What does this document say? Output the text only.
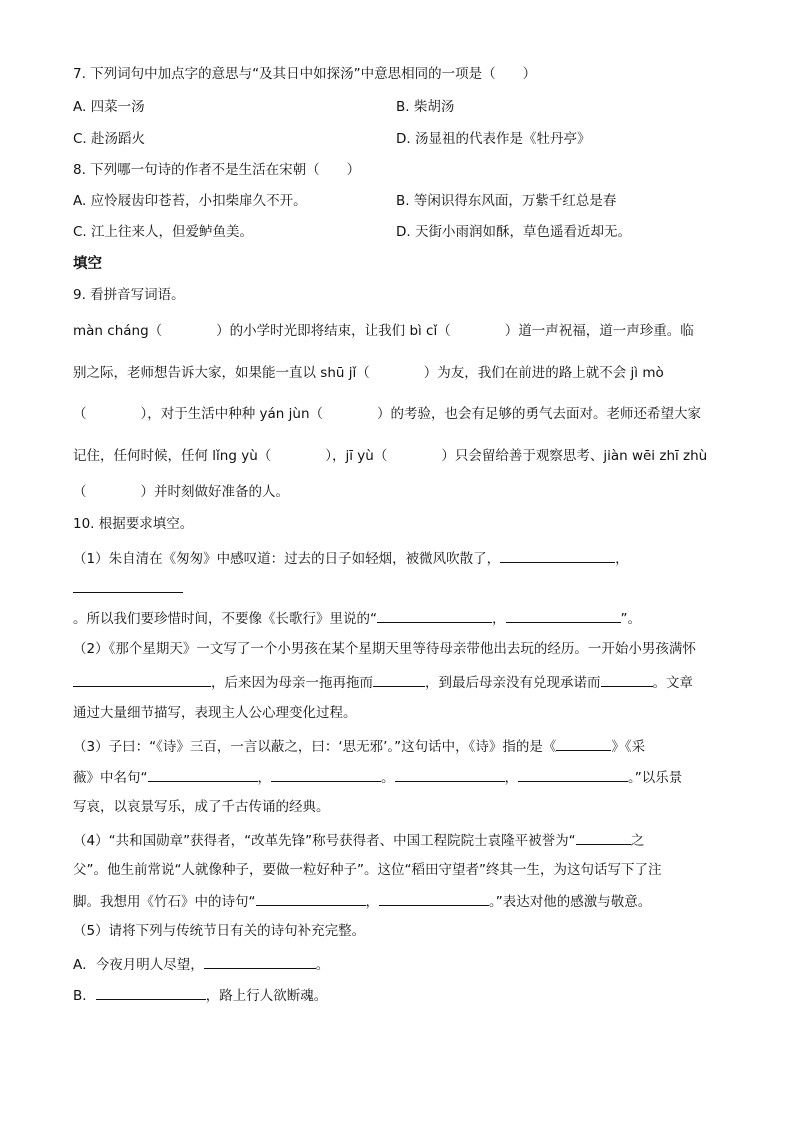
7. 下列词句中加点字的意思与“及其日中如探汤”中意思相同的一项是（　　）
A. 四菜一汤	B. 柴胡汤
C. 赴汤蹈火	D. 汤显祖的代表作是《牡丹亭》
8. 下列哪一句诗的作者不是生活在宋朝（　　）
A. 应怜屐齿印苍苔，小扣柴扉久不开。	B. 等闲识得东风面，万紫千红总是春
C. 江上往来人，但爱鲈鱼美。	D. 天街小雨润如酥，草色遥看近却无。
填空
9. 看拼音写词语。
màn cháng（　　　　）的小学时光即将结束，让我们 bì cǐ（　　　　）道一声祝福，道一声珍重。临
别之际，老师想告诉大家，如果能一直以 shū jǐ（　　　　）为友，我们在前进的路上就不会 jì mò
（　　　　），对于生活中种种 yán jùn（　　　　）的考验，也会有足够的勇气去面对。老师还希望大家
记住，任何时候，任何 lǐng yù（　　　　），jī yù（　　　　）只会留给善于观察思考、jiàn wēi zhī zhù
（　　　　）并时刻做好准备的人。
10. 根据要求填空。
（1）朱自清在《匆匆》中感叹道：过去的日子如轻烟，被微风吹散了，	，
。所以我们要珍惜时间，不要像《长歌行》里说的“	，	”。
（2）《那个星期天》一文写了一个小男孩在某个星期天里等待母亲带他出去玩的经历。一开始小男孩满怀
，后来因为母亲一拖再拖而	，到最后母亲没有兑现承诺而	。文章
通过大量细节描写，表现主人公心理变化过程。
（3）子曰：“《诗》三百，一言以蔽之，曰：‘思无邪’。”这句话中，《诗》指的是《	》《采
薇》中名句“	，	。	，	。”以乐景
写哀，以哀景写乐，成了千古传诵的经典。
（4）“共和国勋章”获得者，“改革先锋”称号获得者、中国工程院院士袁隆平被誉为“	之
父”。他生前常说“人就像种子，要做一粒好种子”。这位“稻田守望者”终其一生，为这句话写下了注
脚。我想用《竹石》中的诗句“	，	。”表达对他的感激与敬意。
（5）请将下列与传统节日有关的诗句补充完整。
A．今夜月明人尽望，	。
B．	，路上行人欲断魂。
